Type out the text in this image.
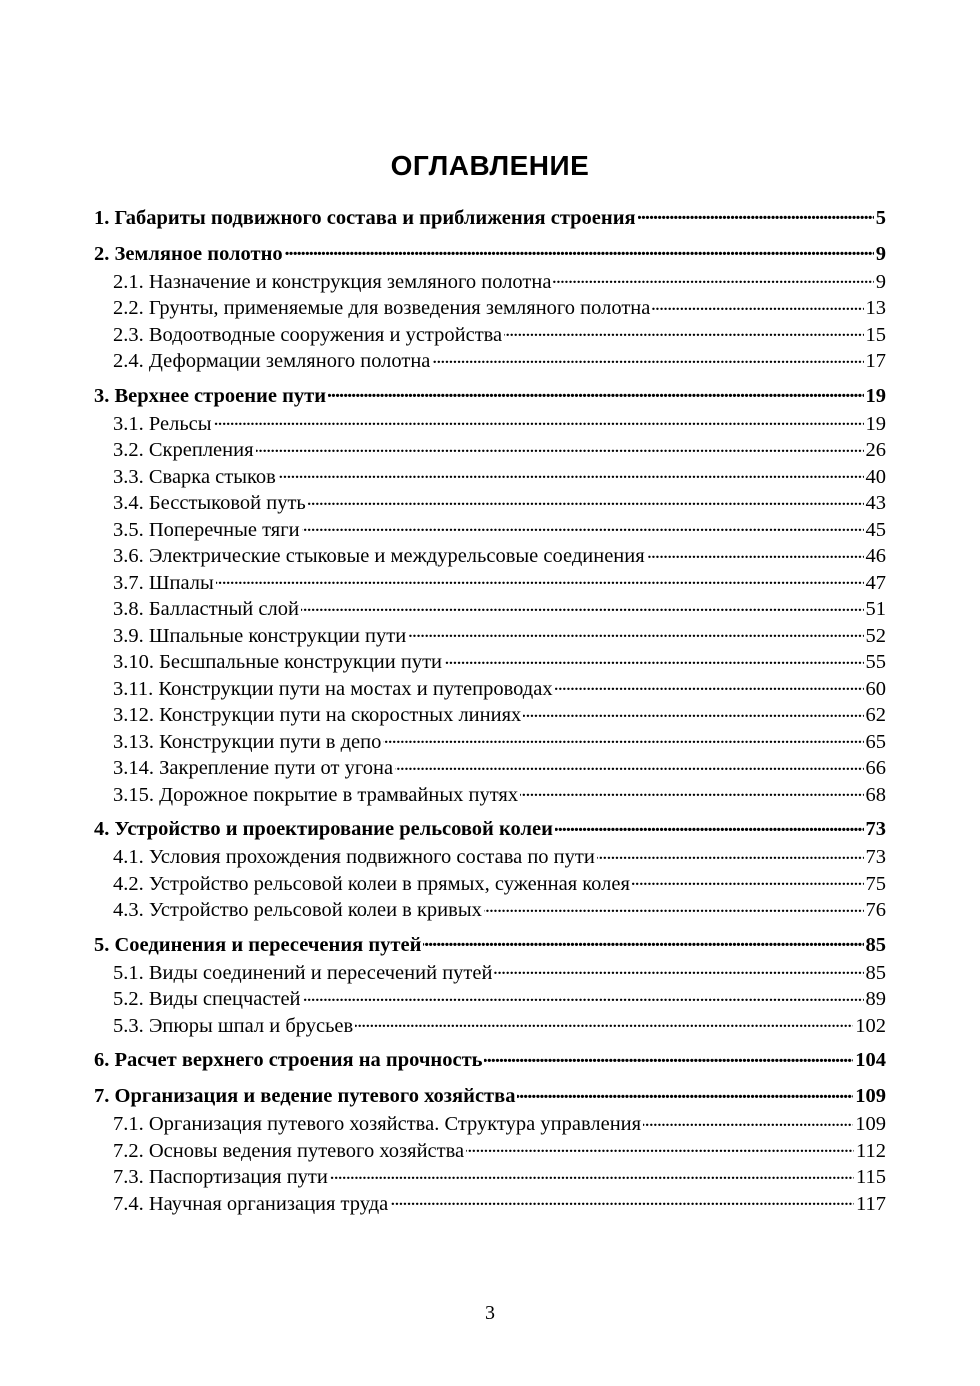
ОГЛАВЛЕНИЕ
1. Габариты подвижного состава и приближения строения . . .	5
2. Земляное полотно . . .	9
2.1. Назначение и конструкция земляного полотна . . .	9
2.2. Грунты, применяемые для возведения земляного полотна . . .	13
2.3. Водоотводные сооружения и устройства . . .	15
2.4. Деформации земляного полотна . . .	17
3. Верхнее строение пути . . .	19
3.1. Рельсы . . .	19
3.2. Скрепления . . .	26
3.3. Сварка стыков . . .	40
3.4. Бесстыковой путь . . .	43
3.5. Поперечные тяги . . .	45
3.6. Электрические стыковые и междурельсовые соединения . . .	46
3.7. Шпалы . . .	47
3.8. Балластный слой . . .	51
3.9. Шпальные конструкции пути . . .	52
3.10. Бесшпальные конструкции пути . . .	55
3.11. Конструкции пути на мостах и путепроводах . . .	60
3.12. Конструкции пути на скоростных линиях . . .	62
3.13. Конструкции пути в депо . . .	65
3.14. Закрепление пути от угона . . .	66
3.15. Дорожное покрытие в трамвайных путях . . .	68
4. Устройство и проектирование рельсовой колеи . . .	73
4.1. Условия прохождения подвижного состава по пути . . .	73
4.2. Устройство рельсовой колеи в прямых, суженная колея . . .	75
4.3. Устройство рельсовой колеи в кривых . . .	76
5. Соединения и пересечения путей . . .	85
5.1. Виды соединений и пересечений путей . . .	85
5.2. Виды спецчастей . . .	89
5.3. Эпюры шпал и брусьев . . .	102
6. Расчет верхнего строения на прочность . . .	104
7. Организация и ведение путевого хозяйства . . .	109
7.1. Организация путевого хозяйства. Структура управления . . .	109
7.2. Основы ведения путевого хозяйства . . .	112
7.3. Паспортизация пути . . .	115
7.4. Научная организация труда . . .	117
3
